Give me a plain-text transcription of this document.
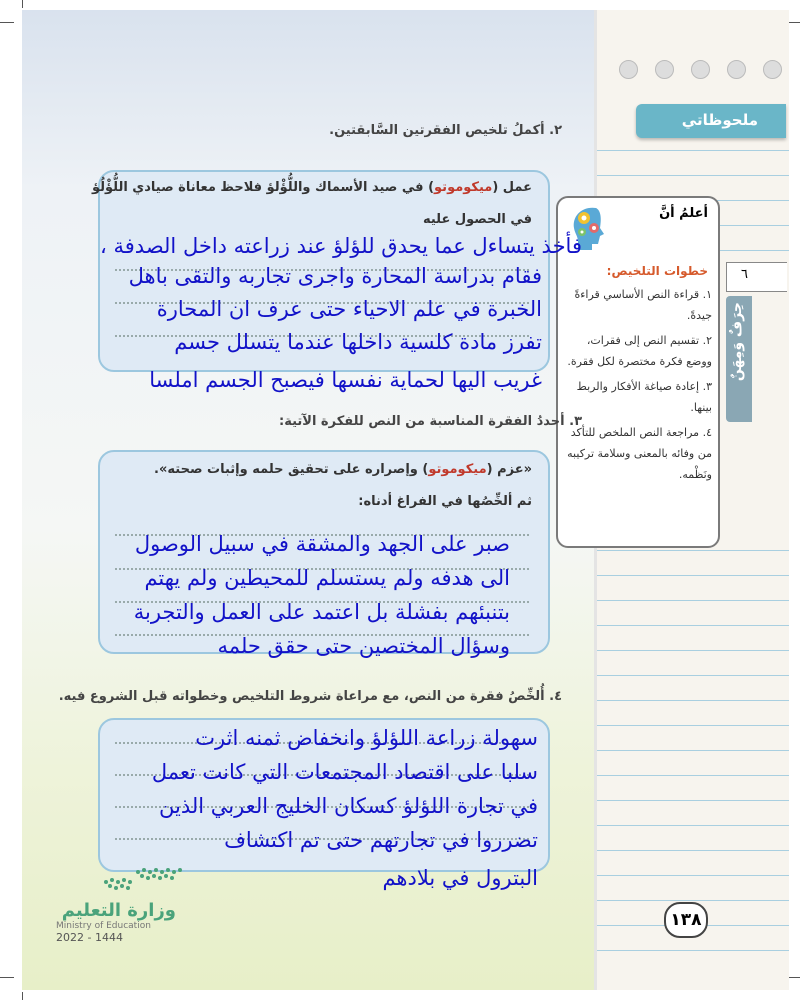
ملحوظاتي
٦
حِرَفٌ وَمِهَنٌ
أعلمُ أنَّ
خطوات التلخيص:
١. قراءة النص الأساسي قراءةً جيدةً.
٢. تقسيم النص إلى فقرات، ووضع فكرة مختصرة لكل فقرة.
٣. إعادة صياغة الأفكار والربط بينها.
٤. مراجعة النص الملخص للتأكد من وفائه بالمعنى وسلامة تركيبه ونَظْمه.
٢. أكملُ تلخيص الفقرتين السَّابقتين.
عمل (ميكوموتو) في صيد الأسماك واللُّؤْلؤ فلاحظ معاناة صيادي اللُّؤْلُؤ
في الحصول عليه
فأخذ يتساءل عما يحدق للؤلؤ عند زراعته داخل الصدفة ،
فقام بدراسة المحارة واجرى تجاربه والتقى باهل
الخبرة في علم الاحياء حتى عرف ان المحارة
تفرز مادة كلسية داخلها عندما يتسلل جسم
غريب اليها لحماية نفسها فيصبح الجسم املسا
٣. أحددُ الفقرة المناسبة من النص للفكرة الآتية:
«عزم (ميكوموتو) وإصراره على تحقيق حلمه وإثبات صحته».
ثم ألخِّصُها في الفراغ أدناه:
صبر على الجهد والمشقة في سبيل الوصول
الى هدفه ولم يستسلم للمحيطين ولم يهتم
بتنبئهم بفشلة بل اعتمد على العمل والتجربة
وسؤال المختصين حتى حقق حلمه
٤. أُلخِّصُ فقرة من النص، مع مراعاة شروط التلخيص وخطواته قبل الشروع فيه.
سهولة زراعة اللؤلؤ وانخفاض ثمنه اثرت
سلبا على اقتصاد المجتمعات التي كانت تعمل
في تجارة اللؤلؤ كسكان الخليج العربي الذين
تضرروا في تجارتهم حتى تم اكتشاف
البترول في بلادهم
١٣٨
وزارة التعليم
Ministry of Education
2022 - 1444
